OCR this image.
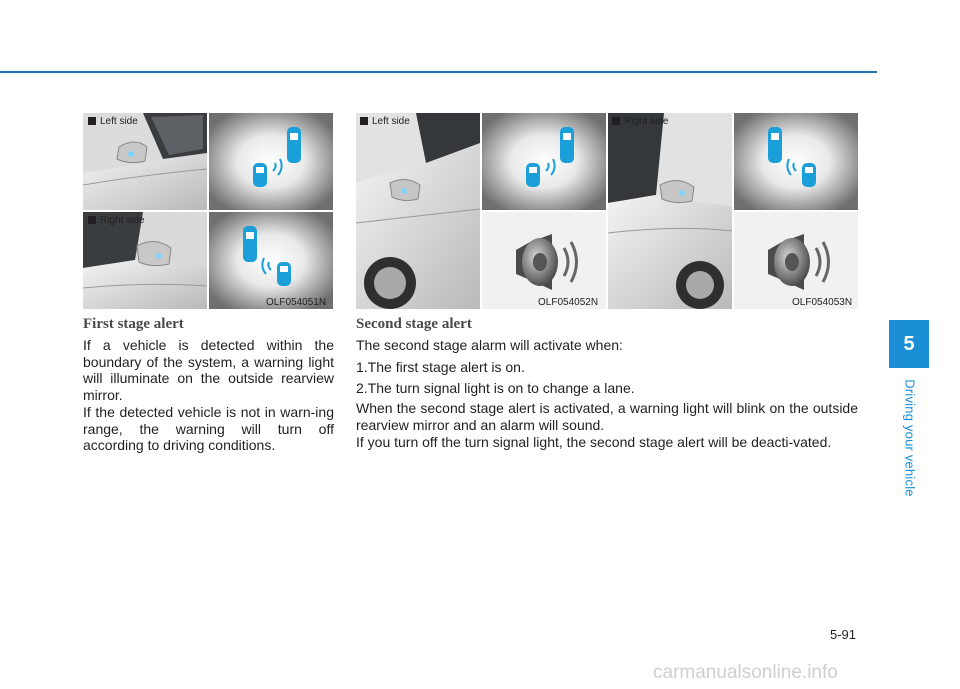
5
Driving your vehicle
Left side
Right side
OLF054051N
Left side
OLF054052N
Right side
OLF054053N
First stage alert

If a vehicle is detected within the boundary of the system, a warning light will illuminate on the outside rearview mirror.

If the detected vehicle is not in warn-ing range, the warning will turn off according to driving conditions.

Second stage alert

The second stage alarm will activate when:

1.The first stage alert is on.

2.The turn signal light is on to change a lane.

When the second stage alert is activated, a warning light will blink on the outside rearview mirror and an alarm will sound.

If you turn off the turn signal light, the second stage alert will be deacti-vated.

5-91
carmanualsonline.info
